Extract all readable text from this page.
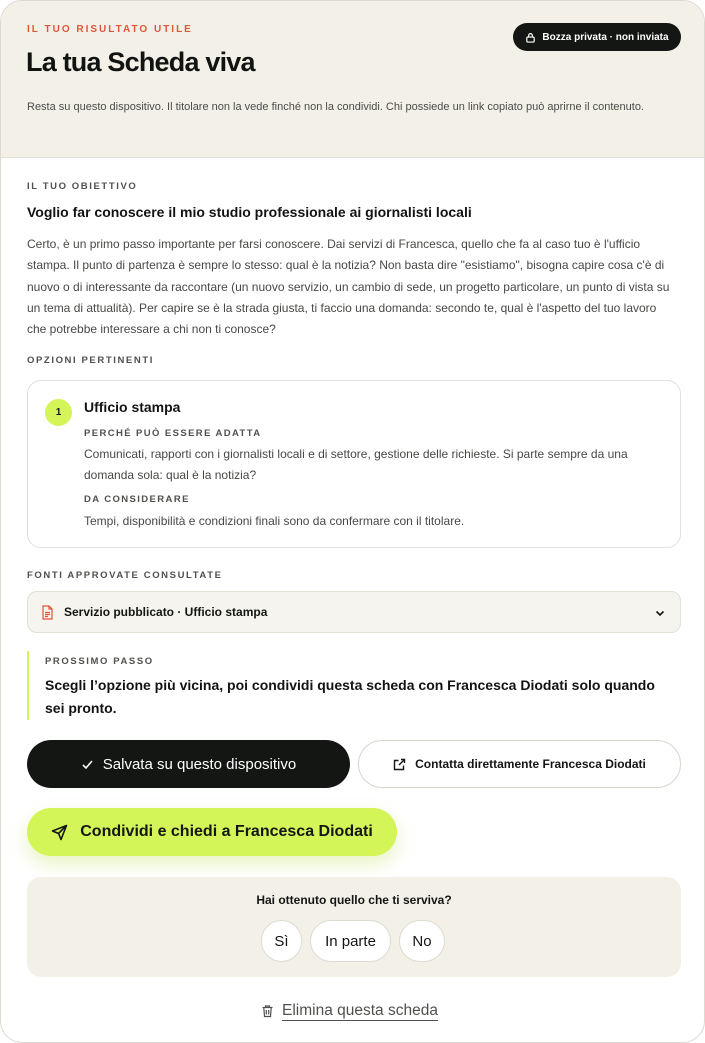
IL TUO RISULTATO UTILE
La tua Scheda viva
Bozza privata · non inviata
Resta su questo dispositivo. Il titolare non la vede finché non la condividi. Chi possiede un link copiato può aprirne il contenuto.
IL TUO OBIETTIVO
Voglio far conoscere il mio studio professionale ai giornalisti locali
Certo, è un primo passo importante per farsi conoscere. Dai servizi di Francesca, quello che fa al caso tuo è l'ufficio stampa. Il punto di partenza è sempre lo stesso: qual è la notizia? Non basta dire "esistiamo", bisogna capire cosa c'è di nuovo o di interessante da raccontare (un nuovo servizio, un cambio di sede, un progetto particolare, un punto di vista su un tema di attualità). Per capire se è la strada giusta, ti faccio una domanda: secondo te, qual è l'aspetto del tuo lavoro che potrebbe interessare a chi non ti conosce?
OPZIONI PERTINENTI
1	Ufficio stampa
PERCHÉ PUÒ ESSERE ADATTA
Comunicati, rapporti con i giornalisti locali e di settore, gestione delle richieste. Si parte sempre da una domanda sola: qual è la notizia?
DA CONSIDERARE
Tempi, disponibilità e condizioni finali sono da confermare con il titolare.
FONTI APPROVATE CONSULTATE
Servizio pubblicato · Ufficio stampa
PROSSIMO PASSO
Scegli l’opzione più vicina, poi condividi questa scheda con Francesca Diodati solo quando sei pronto.
Salvata su questo dispositivo	Contatta direttamente Francesca Diodati
Condividi e chiedi a Francesca Diodati
Hai ottenuto quello che ti serviva?
Sì	In parte	No
Elimina questa scheda
